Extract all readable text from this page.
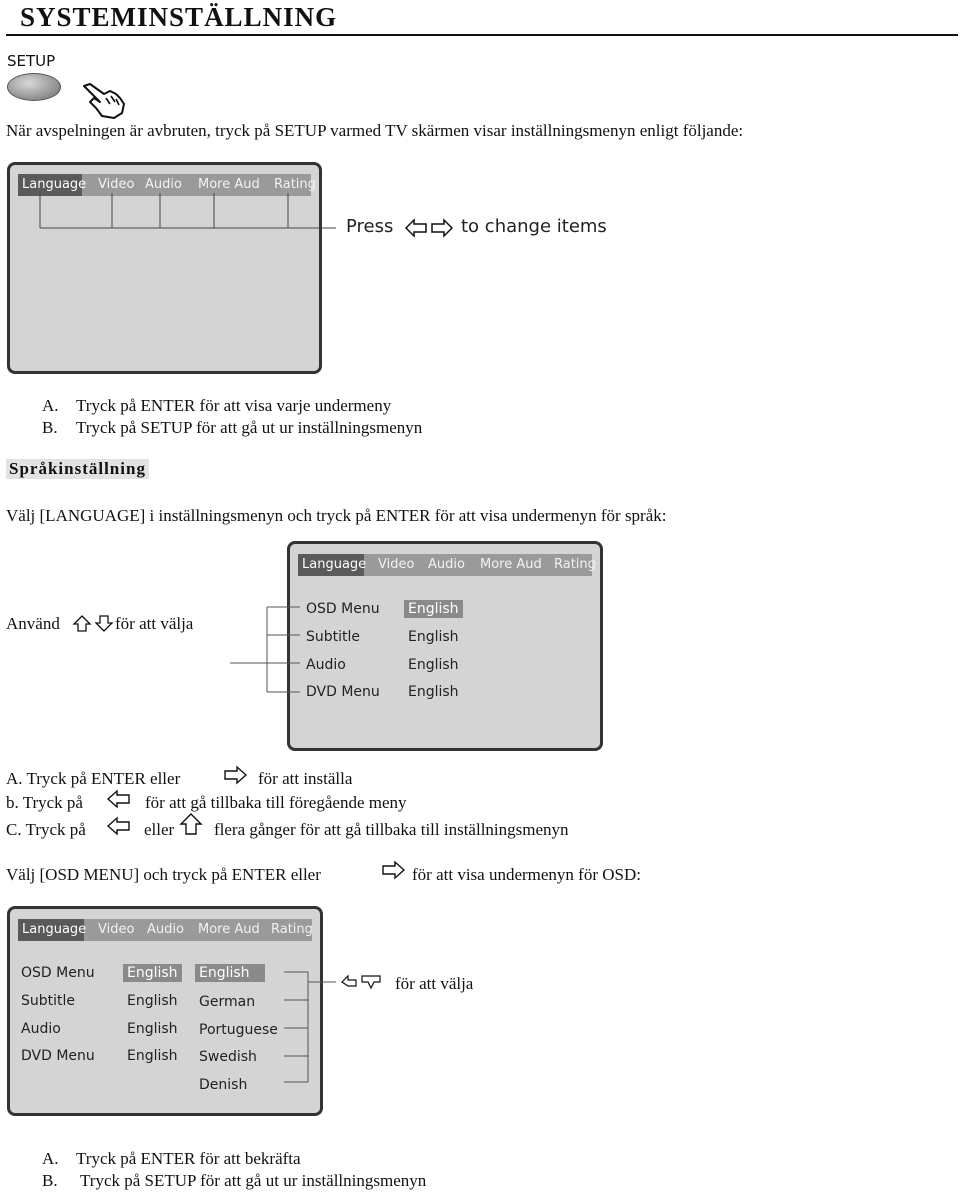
SYSTEMINSTÄLLNING
SETUP
När avspelningen är avbruten, tryck på SETUP varmed TV skärmen visar inställningsmenyn enligt följande:
Language Video Audio More Aud Rating
Press	to change items
A. Tryck på ENTER för att visa varje undermeny
B. Tryck på SETUP för att gå ut ur inställningsmenyn
Språkinställning
Välj [LANGUAGE] i inställningsmenyn och tryck på ENTER för att visa undermenyn för språk:
Language Video Audio More Aud Rating
OSD Menu English
Subtitle	English
Audio	English
DVD Menu English
Använd	för att välja
A. Tryck på ENTER eller	för att inställa
b. Tryck på	för att gå tillbaka till föregående meny
C. Tryck på	eller flera gånger för att gå tillbaka till inställningsmenyn
Välj [OSD MENU] och tryck på ENTER eller	för att visa undermenyn för OSD:
Language Video Audio More Aud Rating
OSD Menu English
Subtitle	English
Audio	English
DVD Menu English
English
German
Portuguese
Swedish
Denish
för att välja
A. Tryck på ENTER för att bekräfta
B. Tryck på SETUP för att gå ut ur inställningsmenyn
